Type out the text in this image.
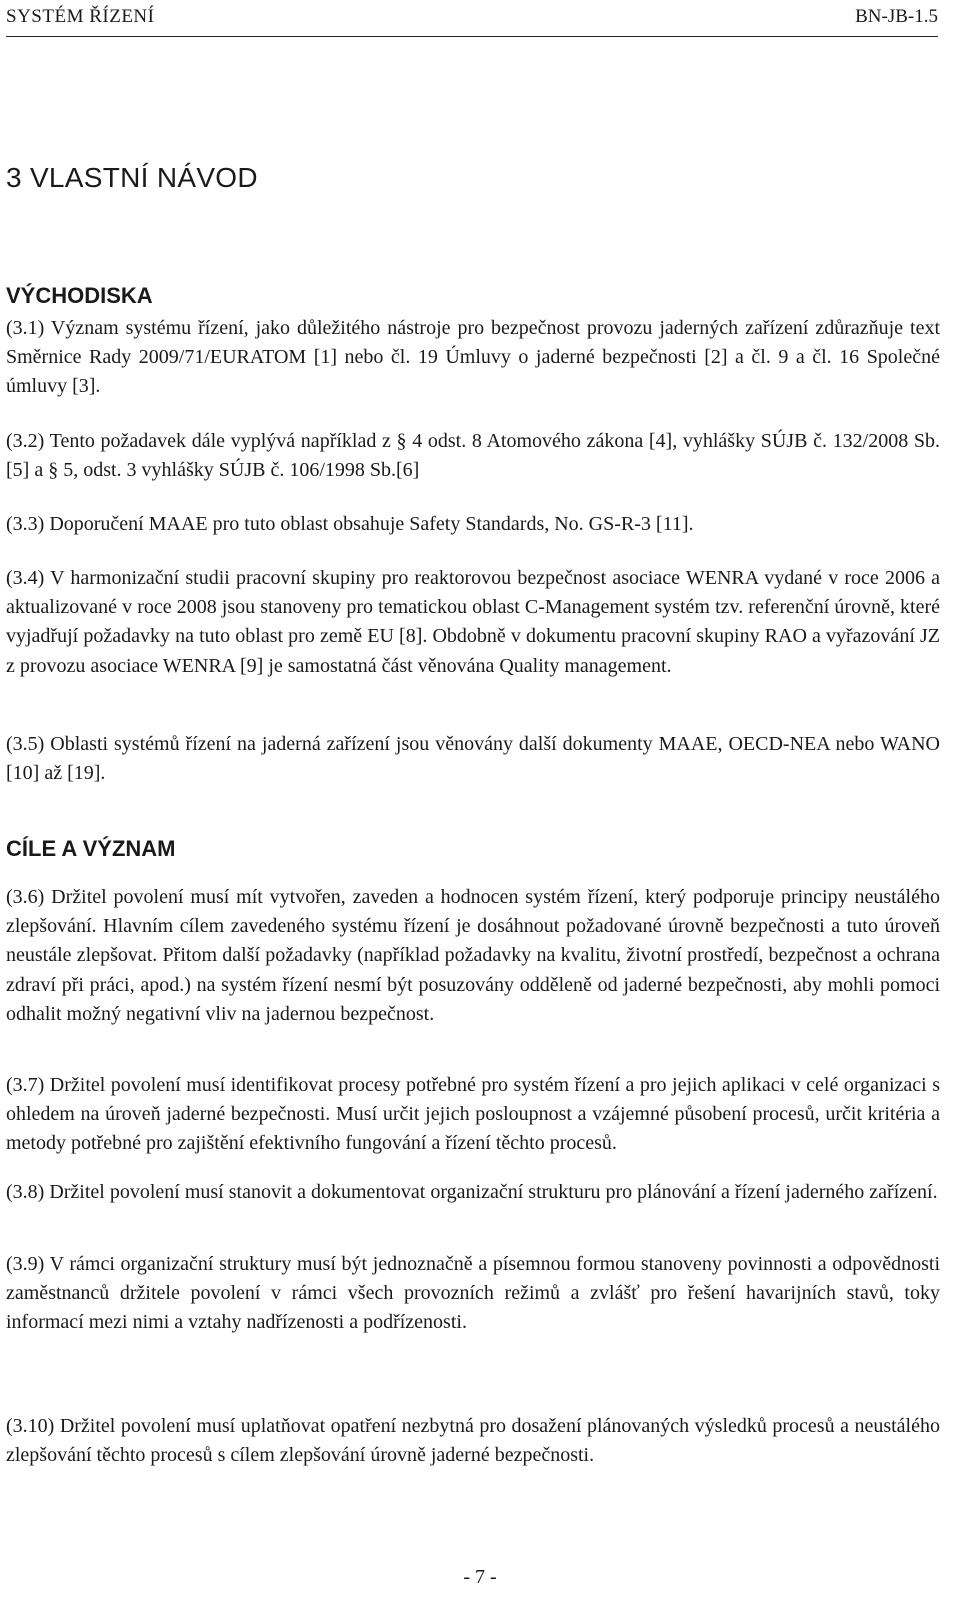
SYSTÉM ŘÍZENÍ	BN-JB-1.5
3 VLASTNÍ NÁVOD
VÝCHODISKA

(3.1) Význam systému řízení, jako důležitého nástroje pro bezpečnost provozu jaderných zařízení zdůrazňuje text Směrnice Rady 2009/71/EURATOM [1] nebo čl. 19 Úmluvy o jaderné bezpečnosti [2] a čl. 9 a čl. 16 Společné úmluvy [3].

(3.2) Tento požadavek dále vyplývá například z § 4 odst. 8 Atomového zákona [4], vyhlášky SÚJB č. 132/2008 Sb. [5] a § 5, odst. 3 vyhlášky SÚJB č. 106/1998 Sb.[6]

(3.3) Doporučení MAAE pro tuto oblast obsahuje Safety Standards, No. GS-R-3 [11].

(3.4) V harmonizační studii pracovní skupiny pro reaktorovou bezpečnost asociace WENRA vydané v roce 2006 a aktualizované v roce 2008 jsou stanoveny pro tematickou oblast C-Management systém tzv. referenční úrovně, které vyjadřují požadavky na tuto oblast pro země EU [8]. Obdobně v dokumentu pracovní skupiny RAO a vyřazování JZ z provozu asociace WENRA [9] je samostatná část věnována Quality management.

(3.5) Oblasti systémů řízení na jaderná zařízení jsou věnovány další dokumenty MAAE, OECD-NEA nebo WANO [10] až [19].

CÍLE A VÝZNAM

(3.6) Držitel povolení musí mít vytvořen, zaveden a hodnocen systém řízení, který podporuje principy neustálého zlepšování. Hlavním cílem zavedeného systému řízení je dosáhnout požadované úrovně bezpečnosti a tuto úroveň neustále zlepšovat. Přitom další požadavky (například požadavky na kvalitu, životní prostředí, bezpečnost a ochrana zdraví při práci, apod.) na systém řízení nesmí být posuzovány odděleně od jaderné bezpečnosti, aby mohli pomoci odhalit možný negativní vliv na jadernou bezpečnost.

(3.7) Držitel povolení musí identifikovat procesy potřebné pro systém řízení a pro jejich aplikaci v celé organizaci s ohledem na úroveň jaderné bezpečnosti. Musí určit jejich posloupnost a vzájemné působení procesů, určit kritéria a metody potřebné pro zajištění efektivního fungování a řízení těchto procesů.

(3.8) Držitel povolení musí stanovit a dokumentovat organizační strukturu pro plánování a řízení jaderného zařízení.

(3.9) V rámci organizační struktury musí být jednoznačně a písemnou formou stanoveny povinnosti a odpovědnosti zaměstnanců držitele povolení v rámci všech provozních režimů a zvlášť pro řešení havarijních stavů, toky informací mezi nimi a vztahy nadřízenosti a podřízenosti.

(3.10) Držitel povolení musí uplatňovat opatření nezbytná pro dosažení plánovaných výsledků procesů a neustálého zlepšování těchto procesů s cílem zlepšování úrovně jaderné bezpečnosti.

- 7 -
